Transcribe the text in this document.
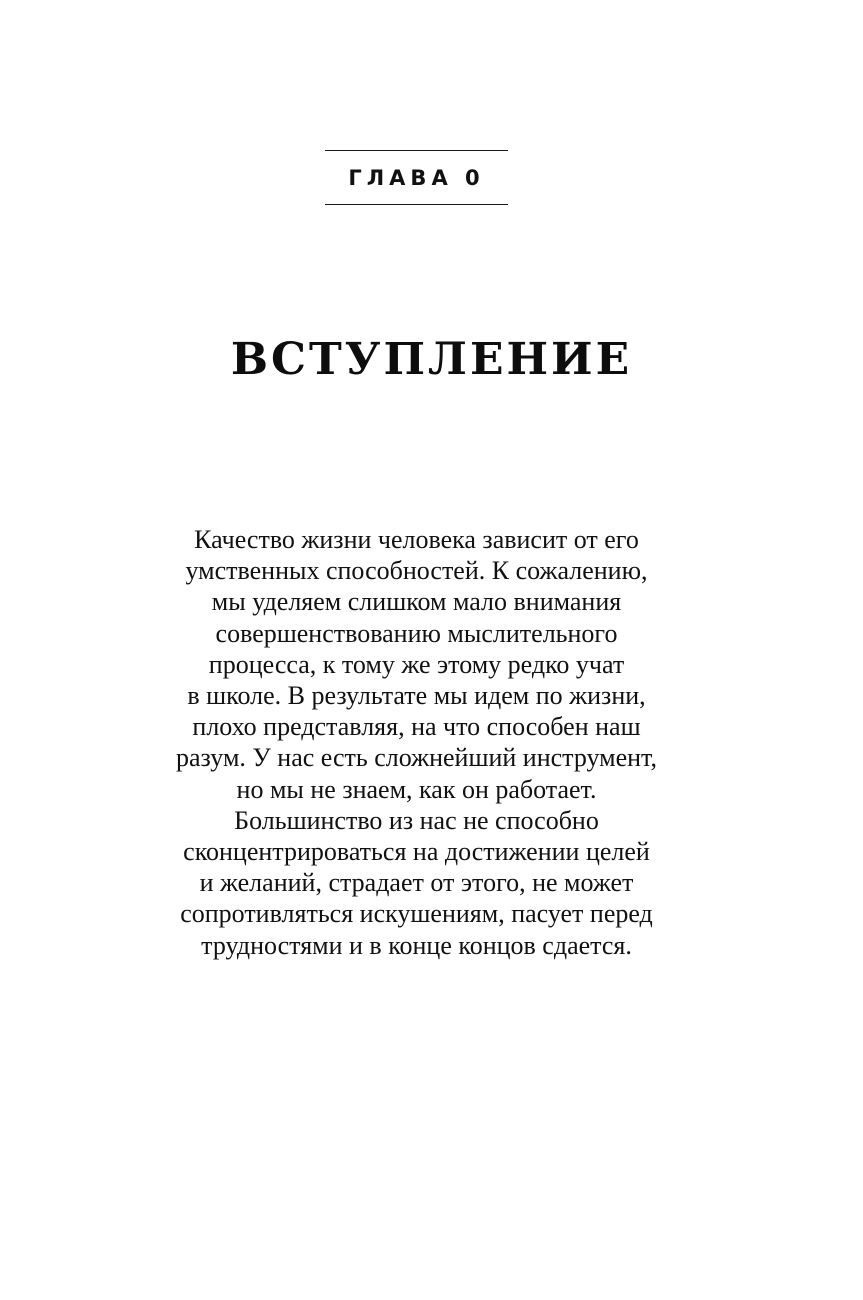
ГЛАВА 0
ВСТУПЛЕНИЕ
Качество жизни человека зависит от его
умственных способностей. К сожалению,
мы уделяем слишком мало внимания
совершенствованию мыслительного
процесса, к тому же этому редко учат
в школе. В результате мы идем по жизни,
плохо представляя, на что способен наш
разум. У нас есть сложнейший инструмент,
но мы не знаем, как он работает.
Большинство из нас не способно
сконцентрироваться на достижении целей
и желаний, страдает от этого, не может
сопротивляться искушениям, пасует перед
трудностями и в конце концов сдается.
